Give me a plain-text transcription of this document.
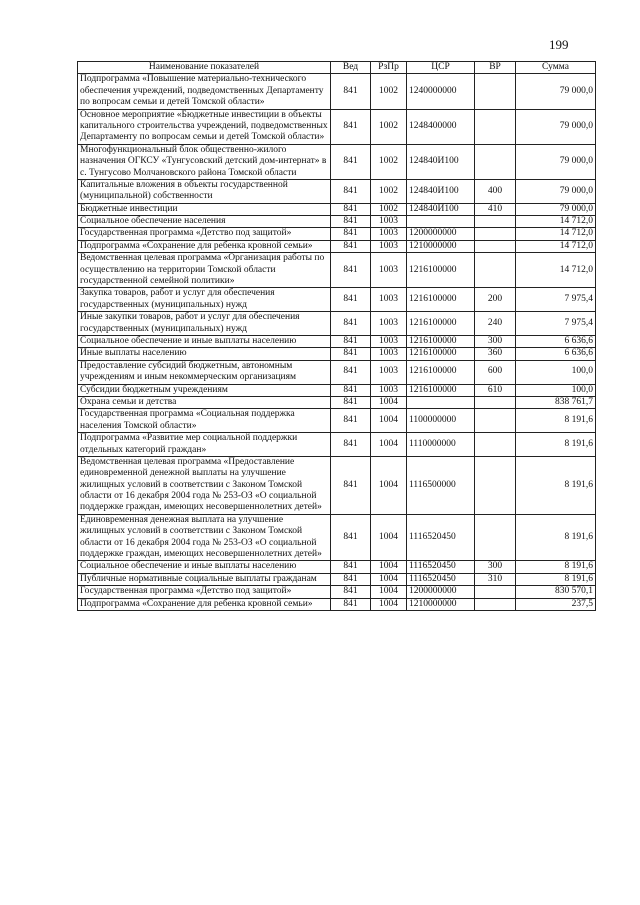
199
Наименование показателей	Вед	РзПр	ЦСР	ВР	Сумма
Подпрограмма «Повышение материально-технического обеспечения учреждений, подведомственных Департаменту по вопросам семьи и детей Томской области»	841	1002	1240000000		79 000,0
Основное мероприятие «Бюджетные инвестиции в объекты капитального строительства учреждений, подведомственных Департаменту по вопросам семьи и детей Томской области»	841	1002	1248400000		79 000,0
Многофункциональный блок общественно-жилого назначения ОГКСУ «Тунгусовский детский дом-интернат» в с. Тунгусово Молчановского района Томской области	841	1002	124840И100		79 000,0
Капитальные вложения в объекты государственной (муниципальной) собственности	841	1002	124840И100	400	79 000,0
Бюджетные инвестиции	841	1002	124840И100	410	79 000,0
Социальное обеспечение населения	841	1003			14 712,0
Государственная программа «Детство под защитой»	841	1003	1200000000		14 712,0
Подпрограмма «Сохранение для ребенка кровной семьи»	841	1003	1210000000		14 712,0
Ведомственная целевая программа «Организация работы по осуществлению на территории Томской области государственной семейной политики»	841	1003	1216100000		14 712,0
Закупка товаров, работ и услуг для обеспечения государственных (муниципальных) нужд	841	1003	1216100000	200	7 975,4
Иные закупки товаров, работ и услуг для обеспечения государственных (муниципальных) нужд	841	1003	1216100000	240	7 975,4
Социальное обеспечение и иные выплаты населению	841	1003	1216100000	300	6 636,6
Иные выплаты населению	841	1003	1216100000	360	6 636,6
Предоставление субсидий бюджетным, автономным учреждениям и иным некоммерческим организациям	841	1003	1216100000	600	100,0
Субсидии бюджетным учреждениям	841	1003	1216100000	610	100,0
Охрана семьи и детства	841	1004			838 761,7
Государственная программа «Социальная поддержка населения Томской области»	841	1004	1100000000		8 191,6
Подпрограмма «Развитие мер социальной поддержки отдельных категорий граждан»	841	1004	1110000000		8 191,6
Ведомственная целевая программа «Предоставление единовременной денежной выплаты на улучшение жилищных условий в соответствии с Законом Томской области от 16 декабря 2004 года № 253-ОЗ «О социальной поддержке граждан, имеющих несовершеннолетних детей»	841	1004	1116500000		8 191,6
Единовременная денежная выплата на улучшение жилищных условий в соответствии с Законом Томской области от 16 декабря 2004 года № 253-ОЗ «О социальной поддержке граждан, имеющих несовершеннолетних детей»	841	1004	1116520450		8 191,6
Социальное обеспечение и иные выплаты населению	841	1004	1116520450	300	8 191,6
Публичные нормативные социальные выплаты гражданам	841	1004	1116520450	310	8 191,6
Государственная программа «Детство под защитой»	841	1004	1200000000		830 570,1
Подпрограмма «Сохранение для ребенка кровной семьи»	841	1004	1210000000		237,5
